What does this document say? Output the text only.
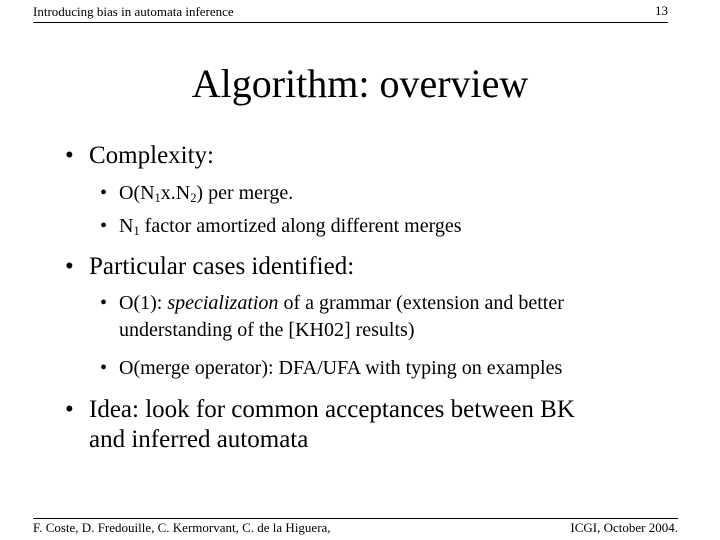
Introducing bias in automata inference	13
Algorithm: overview
• Complexity:
• $O(N_1x.N_2)$ per merge.
• $N_1$ factor amortized along different merges
• Particular cases identified:
• O(1): specialization of a grammar (extension and better
understanding of the [KH02] results)
• O(merge operator): DFA/UFA with typing on examples
• Idea: look for common acceptances between BK
and inferred automata
F. Coste, D. Fredouille, C. Kermorvant, C. de la Higuera,	ICGI, October 2004.
